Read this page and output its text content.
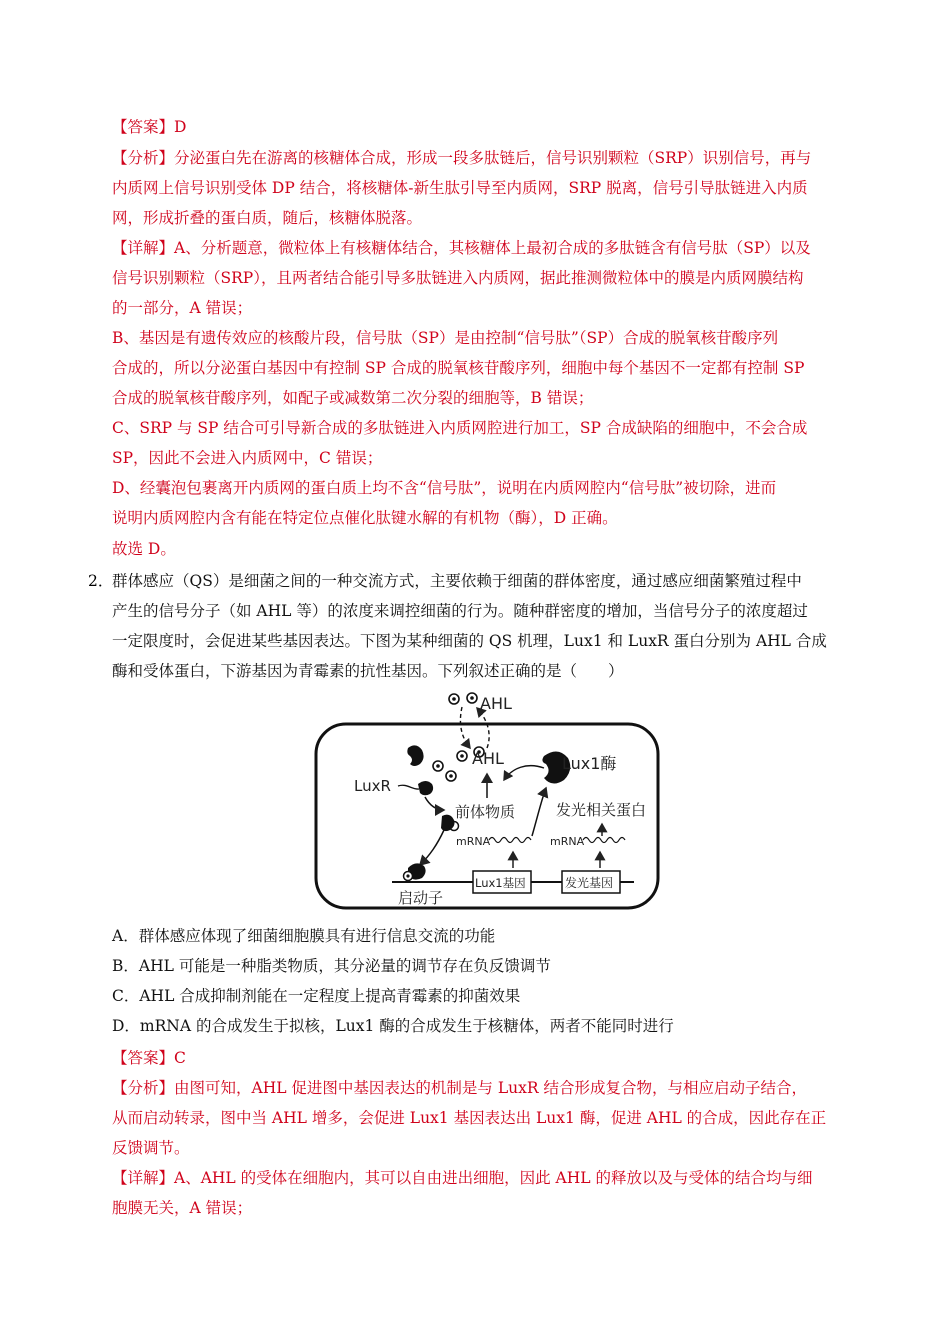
【答案】D
【分析】分泌蛋白先在游离的核糖体合成，形成一段多肽链后，信号识别颗粒（SRP）识别信号，再与
内质网上信号识别受体 DP 结合，将核糖体-新生肽引导至内质网，SRP 脱离，信号引导肽链进入内质
网，形成折叠的蛋白质，随后，核糖体脱落。
【详解】A、分析题意，微粒体上有核糖体结合，其核糖体上最初合成的多肽链含有信号肽（SP）以及
信号识别颗粒（SRP），且两者结合能引导多肽链进入内质网，据此推测微粒体中的膜是内质网膜结构
的一部分，A 错误；
B、基因是有遗传效应的核酸片段，信号肽（SP）是由控制“信号肽”（SP）合成的脱氧核苷酸序列
合成的，所以分泌蛋白基因中有控制 SP 合成的脱氧核苷酸序列，细胞中每个基因不一定都有控制 SP
合成的脱氧核苷酸序列，如配子或减数第二次分裂的细胞等，B 错误；
C、SRP 与 SP 结合可引导新合成的多肽链进入内质网腔进行加工，SP 合成缺陷的细胞中，不会合成
SP，因此不会进入内质网中，C 错误；
D、经囊泡包裹离开内质网的蛋白质上均不含“信号肽”，说明在内质网腔内“信号肽”被切除，进而
说明内质网腔内含有能在特定位点催化肽键水解的有机物（酶），D 正确。
故选 D。
2．
群体感应（QS）是细菌之间的一种交流方式，主要依赖于细菌的群体密度，通过感应细菌繁殖过程中
产生的信号分子（如 AHL 等）的浓度来调控细菌的行为。随种群密度的增加，当信号分子的浓度超过
一定限度时，会促进某些基因表达。下图为某种细菌的 QS 机理，Lux1 和 LuxR 蛋白分别为 AHL 合成
酶和受体蛋白，下游基因为青霉素的抗性基因。下列叙述正确的是（　　）
AHL
AHL
LuxR
前体物质
Lux1酶
发光相关蛋白
mRNA	mRNA
Lux1基因	发光基因
启动子
A．群体感应体现了细菌细胞膜具有进行信息交流的功能
B．AHL 可能是一种脂类物质，其分泌量的调节存在负反馈调节
C．AHL 合成抑制剂能在一定程度上提高青霉素的抑菌效果
D．mRNA 的合成发生于拟核，Lux1 酶的合成发生于核糖体，两者不能同时进行
【答案】C
【分析】由图可知，AHL 促进图中基因表达的机制是与 LuxR 结合形成复合物，与相应启动子结合，
从而启动转录，图中当 AHL 增多，会促进 Lux1 基因表达出 Lux1 酶，促进 AHL 的合成，因此存在正
反馈调节。
【详解】A、AHL 的受体在细胞内，其可以自由进出细胞，因此 AHL 的释放以及与受体的结合均与细
胞膜无关，A 错误；
